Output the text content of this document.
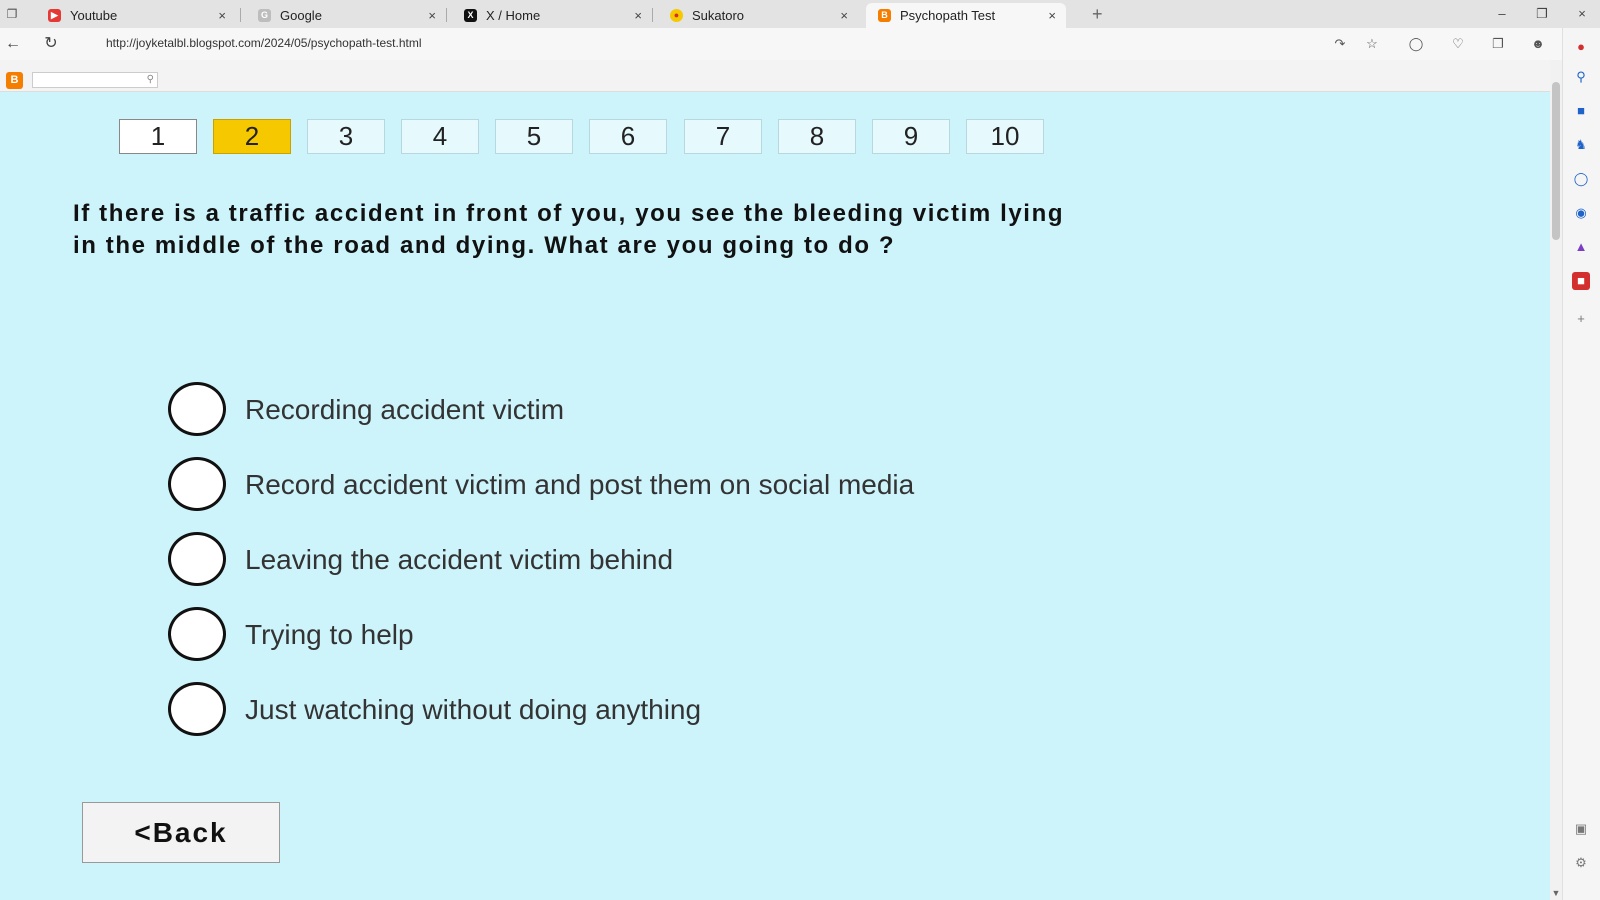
❐	▶ Youtube	×	G Google	×	X X / Home	×	● Sukatoro	×	B Psychopath Test	× +	–	❐	×
← ↻	http://joyketalbl.blogspot.com/2024/05/psychopath-test.html	↷	☆	◯	♡	❐	☻
B	⚲
1	2	3	4	5	6	7	8	9	10
If there is a traffic accident in front of you, you see the bleeding victim lying in the middle of the road and dying. What are you going to do ?
Recording accident victim
Record accident victim and post them on social media
Leaving the accident victim behind
Trying to help
Just watching without doing anything
<Back
▼
●
⚲
■
♞
◯
◉
▲
■
+
▣
⚙
